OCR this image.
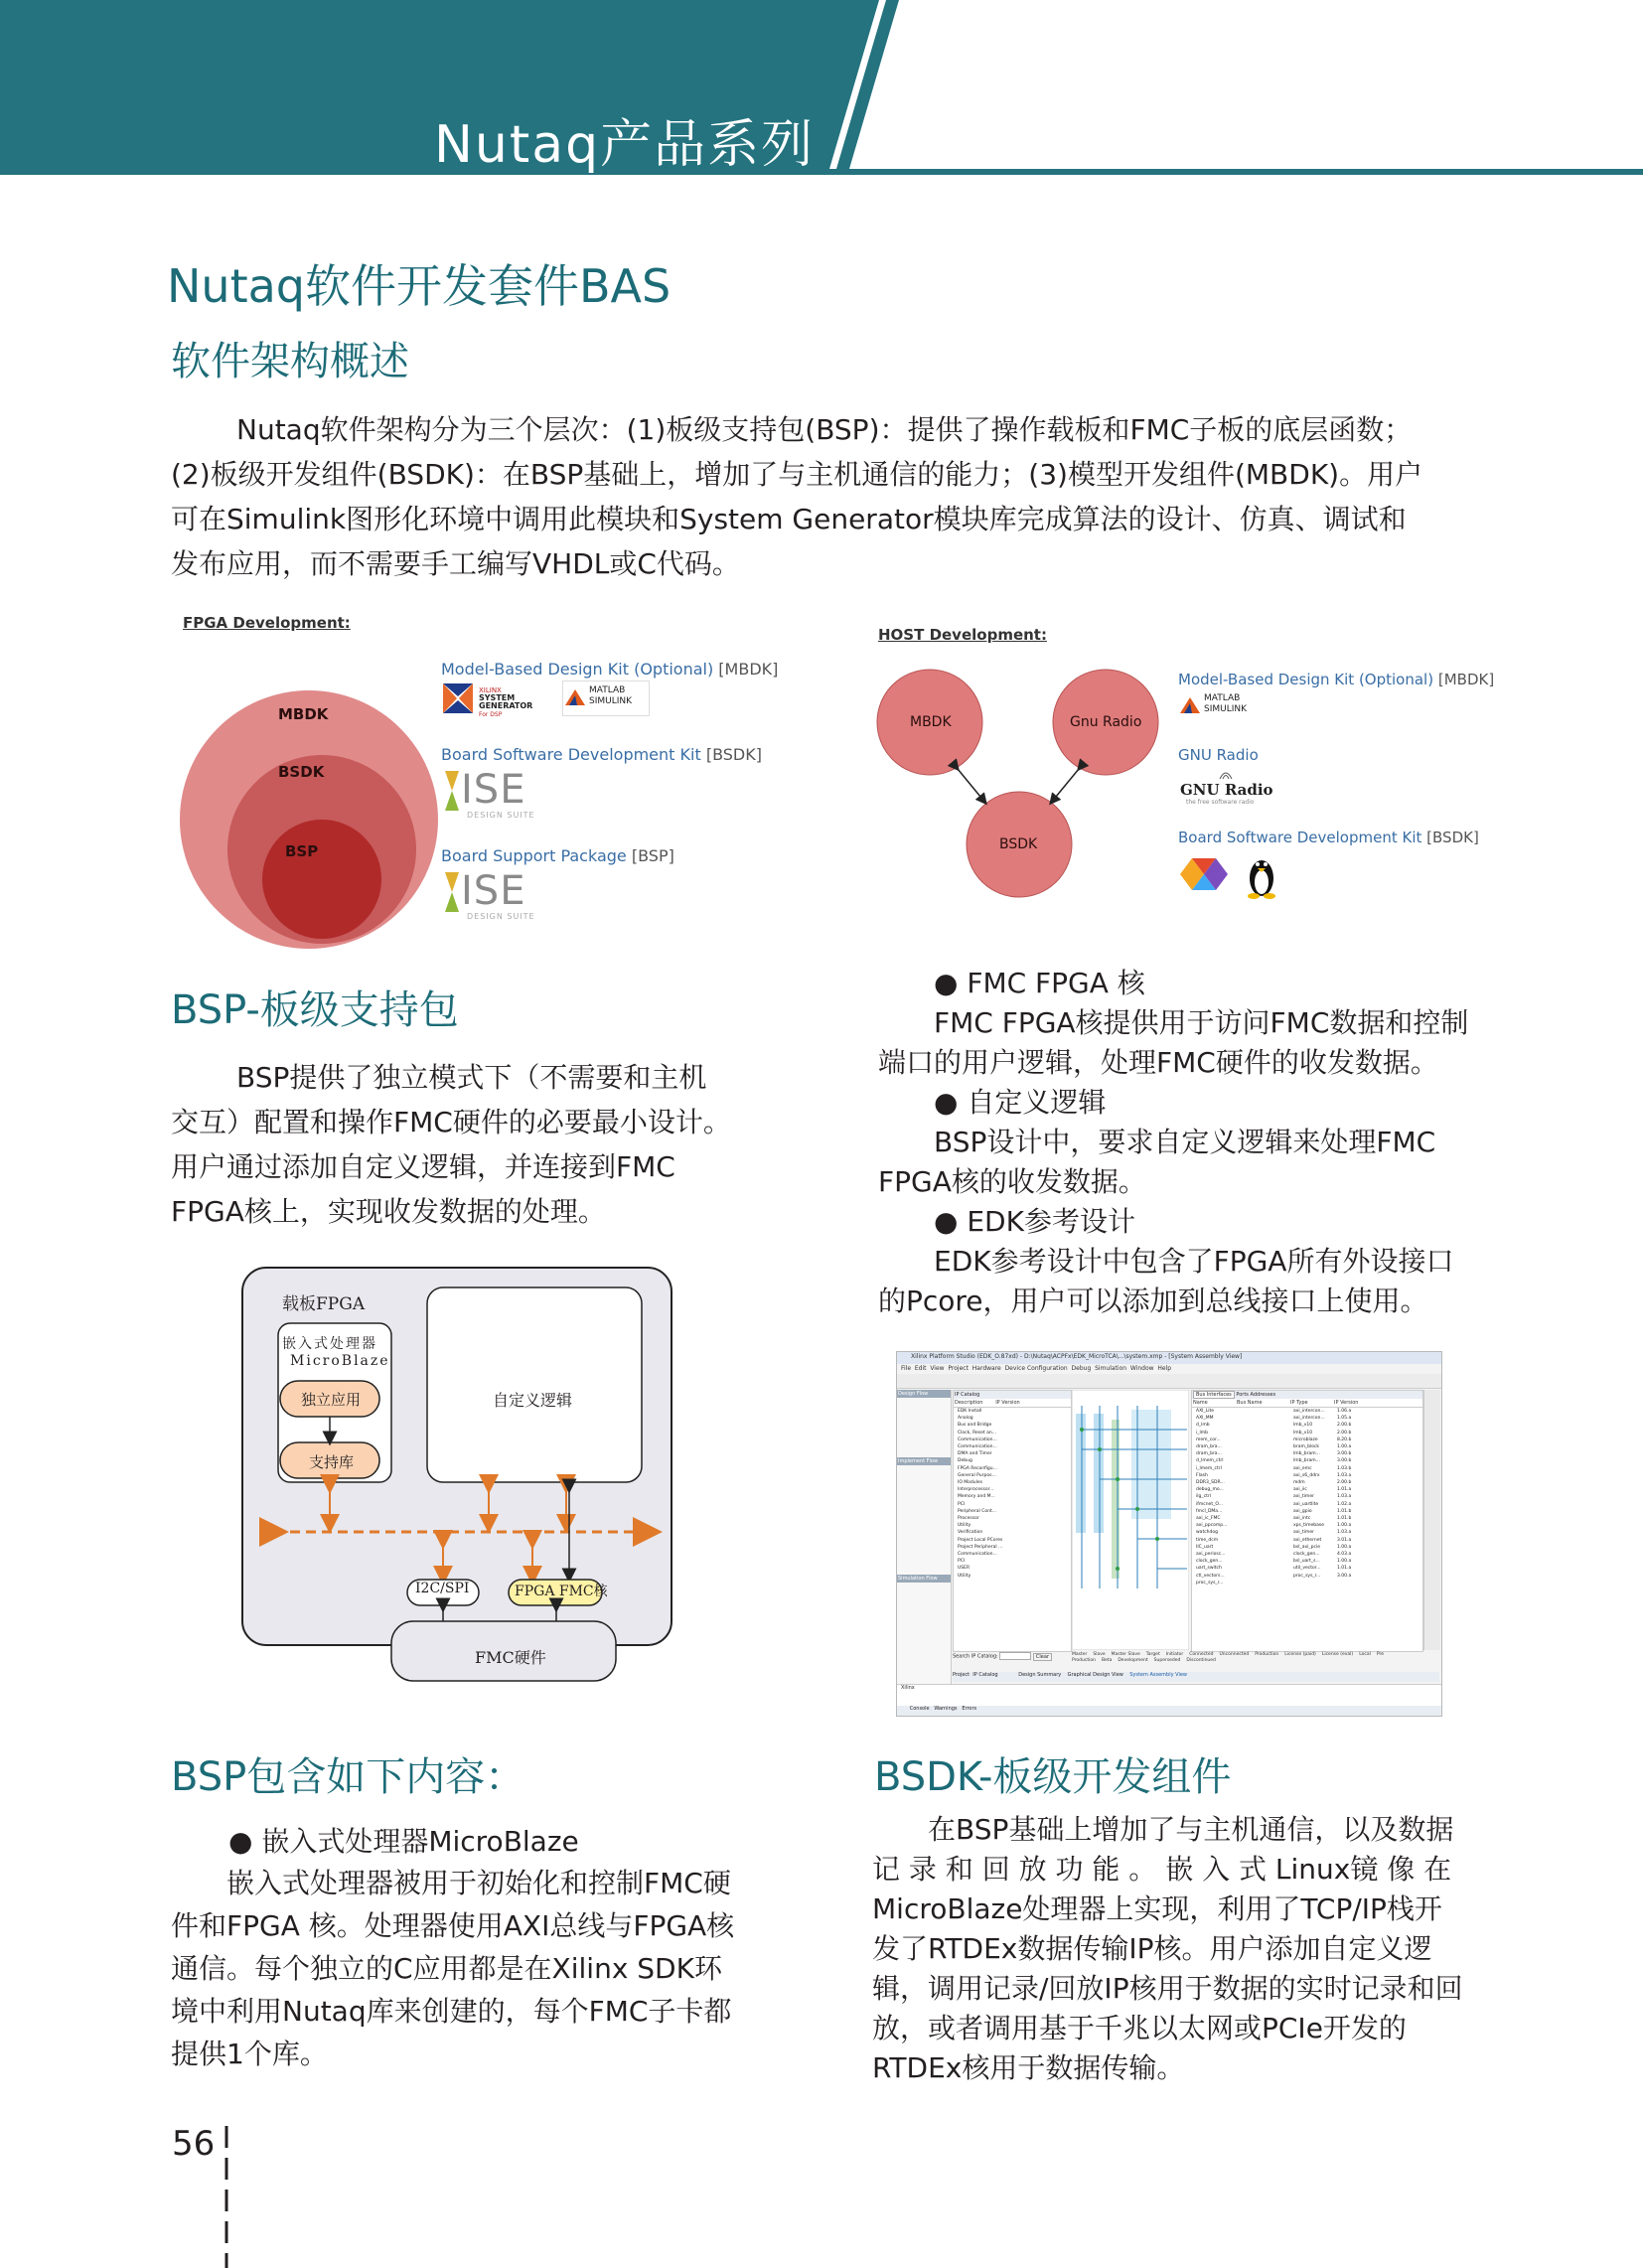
Nutaq产品系列
Nutaq软件开发套件BAS
软件架构概述
Nutaq软件架构分为三个层次：(1)板级支持包(BSP)：提供了操作载板和FMC子板的底层函数；
(2)板级开发组件(BSDK)：在BSP基础上，增加了与主机通信的能力；(3)模型开发组件(MBDK)。用户
可在Simulink图形化环境中调用此模块和System Generator模块库完成算法的设计、仿真、调试和
发布应用，而不需要手工编写VHDL或C代码。
FPGA Development:
MBDK
BSDK
BSP
Model-Based Design Kit (Optional) [MBDK]
XILINX
SYSTEM
GENERATOR
For DSP
MATLAB
SIMULINK
Board Software Development Kit [BSDK]
ISE
DESIGN SUITE
Board Support Package [BSP]
ISE
DESIGN SUITE
HOST Development:
MBDK	Gnu Radio
BSDK
Model-Based Design Kit (Optional) [MBDK]
MATLAB
SIMULINK
GNU Radio
GNU Radio
the free software radio
Board Software Development Kit [BSDK]
BSP-板级支持包
BSP提供了独立模式下（不需要和主机
交互）配置和操作FMC硬件的必要最小设计。
用户通过添加自定义逻辑，并连接到FMC
FPGA核上，实现收发数据的处理。
载板FPGA
嵌入式处理器
MicroBlaze
独立应用
支持库
自定义逻辑
I2C/SPI	FPGA FMC核
FMC硬件
● FMC FPGA 核
FMC FPGA核提供用于访问FMC数据和控制
端口的用户逻辑，处理FMC硬件的收发数据。
● 自定义逻辑
BSP设计中，要求自定义逻辑来处理FMC
FPGA核的收发数据。
● EDK参考设计
EDK参考设计中包含了FPGA所有外设接口
的Pcore，用户可以添加到总线接口上使用。
Xilinx Platform Studio (EDK_O.87xd) - D:\Nutaq\ACPFx\EDK_MicroTCA\...\system.xmp - [System Assembly View]
File Edit View Project Hardware Device Configuration Debug Simulation Window Help
Design Flow
Implement Flow
Simulation Flow
IP Catalog
Description	IP Version
EDK Install
Analog
Bus and Bridge
Clock, Reset an...
Communication...
Communication...
DMA and Timer
Debug
FPGA Reconfigu...
General Purpos...
IO Modules
Interprocessor...
Memory and M...
PCI
Peripheral Cont...
Processor
Utility
Verification
Project Local PCores
Project Peripheral ...
Communication...
PCI
USER
Utility
Search IP Catalog:	Clear
Bus Interfaces Ports Addresses
Name	Bus Name	IP Type	IP Version
AXI_Lite	axi_intercon...	1.06.a
AXI_MM	axi_intercon...	1.05.a
d_lmb	lmb_v10	2.00.b
i_lmb	lmb_v10	2.00.b
mem_cor...	microblaze	8.20.b
dram_bra...	bram_block	1.00.a
dram_bra...	lmb_bram...	3.00.b
d_lmem_ctrl	lmb_bram...	3.00.b
i_lmem_ctrl	axi_emc	1.03.b
Flash	axi_s6_ddrx	1.03.a
DDR3_SDR...	mdm	2.00.b
debug_mo...	axi_iic	1.01.a
ilg_ctrl	axi_timer	1.03.a
ifmcnet_O...	axi_uartlite	1.02.a
fmcl_DMa...	axi_gpio	1.01.b
axi_ic_FMC	axi_intc	1.01.b
axi_ppcomp...	xps_timebase	1.00.a
watchdog	axi_timer	1.03.a
time_dcm	axi_ethernet	3.01.a
IIC_uart	bsl_axi_pcie	1.00.a
axi_periosc...	clock_gen...	4.03.a
clock_gen...	bsl_uart_s...	1.00.a
uart_switch	util_vector...	1.01.a
ctl_vectors...	proc_sys_r...	3.00.a
proc_sys_r...
Master Slave Master Slave Target Initiator Connected Unconnected Production License (paid) License (eval) Local Pre Production Beta Development Superseded Discontinued
Project IP Catalog	Design Summary Graphical Design View System Assembly View
Xilinx
Console Warnings Errors
BSP包含如下内容：
● 嵌入式处理器MicroBlaze
嵌入式处理器被用于初始化和控制FMC硬
件和FPGA 核。处理器使用AXI总线与FPGA核
通信。每个独立的C应用都是在Xilinx SDK环
境中利用Nutaq库来创建的，每个FMC子卡都
提供1个库。
BSDK-板级开发组件
在BSP基础上增加了与主机通信，以及数据
记 录 和 回 放 功 能 。 嵌 入 式 Linux镜 像 在
MicroBlaze处理器上实现，利用了TCP/IP栈开
发了RTDEx数据传输IP核。用户添加自定义逻
辑，调用记录/回放IP核用于数据的实时记录和回
放，或者调用基于千兆以太网或PCIe开发的
RTDEx核用于数据传输。
56
